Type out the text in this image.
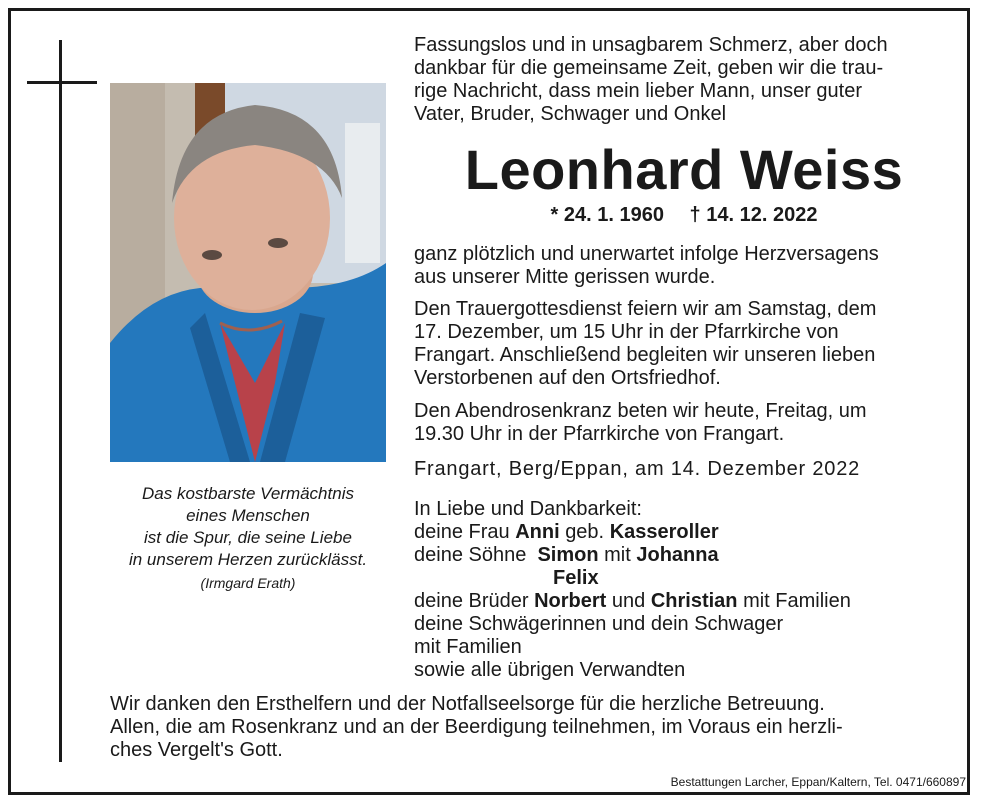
Das kostbarste Vermächtnis
eines Menschen
ist die Spur, die seine Liebe
in unserem Herzen zurücklässt.
(Irmgard Erath)
Fassungslos und in unsagbarem Schmerz, aber doch
dankbar für die gemeinsame Zeit, geben wir die trau-
rige Nachricht, dass mein lieber Mann, unser guter
Vater, Bruder, Schwager und Onkel
Leonhard Weiss
* 24. 1. 1960 † 14. 12. 2022
ganz plötzlich und unerwartet infolge Herzversagens
aus unserer Mitte gerissen wurde.
Den Trauergottesdienst feiern wir am Samstag, dem
17. Dezember, um 15 Uhr in der Pfarrkirche von
Frangart. Anschließend begleiten wir unseren lieben
Verstorbenen auf den Ortsfriedhof.
Den Abendrosenkranz beten wir heute, Freitag, um
19.30 Uhr in der Pfarrkirche von Frangart.
Frangart, Berg/Eppan, am 14. Dezember 2022
In Liebe und Dankbarkeit:
deine Frau Anni geb. Kasseroller
deine Söhne Simon mit Johanna
Felix
deine Brüder Norbert und Christian mit Familien
deine Schwägerinnen und dein Schwager
mit Familien
sowie alle übrigen Verwandten
Wir danken den Ersthelfern und der Notfallseelsorge für die herzliche Betreuung.
Allen, die am Rosenkranz und an der Beerdigung teilnehmen, im Voraus ein herzli-
ches Vergelt's Gott.
Bestattungen Larcher, Eppan/Kaltern, Tel. 0471/660897
